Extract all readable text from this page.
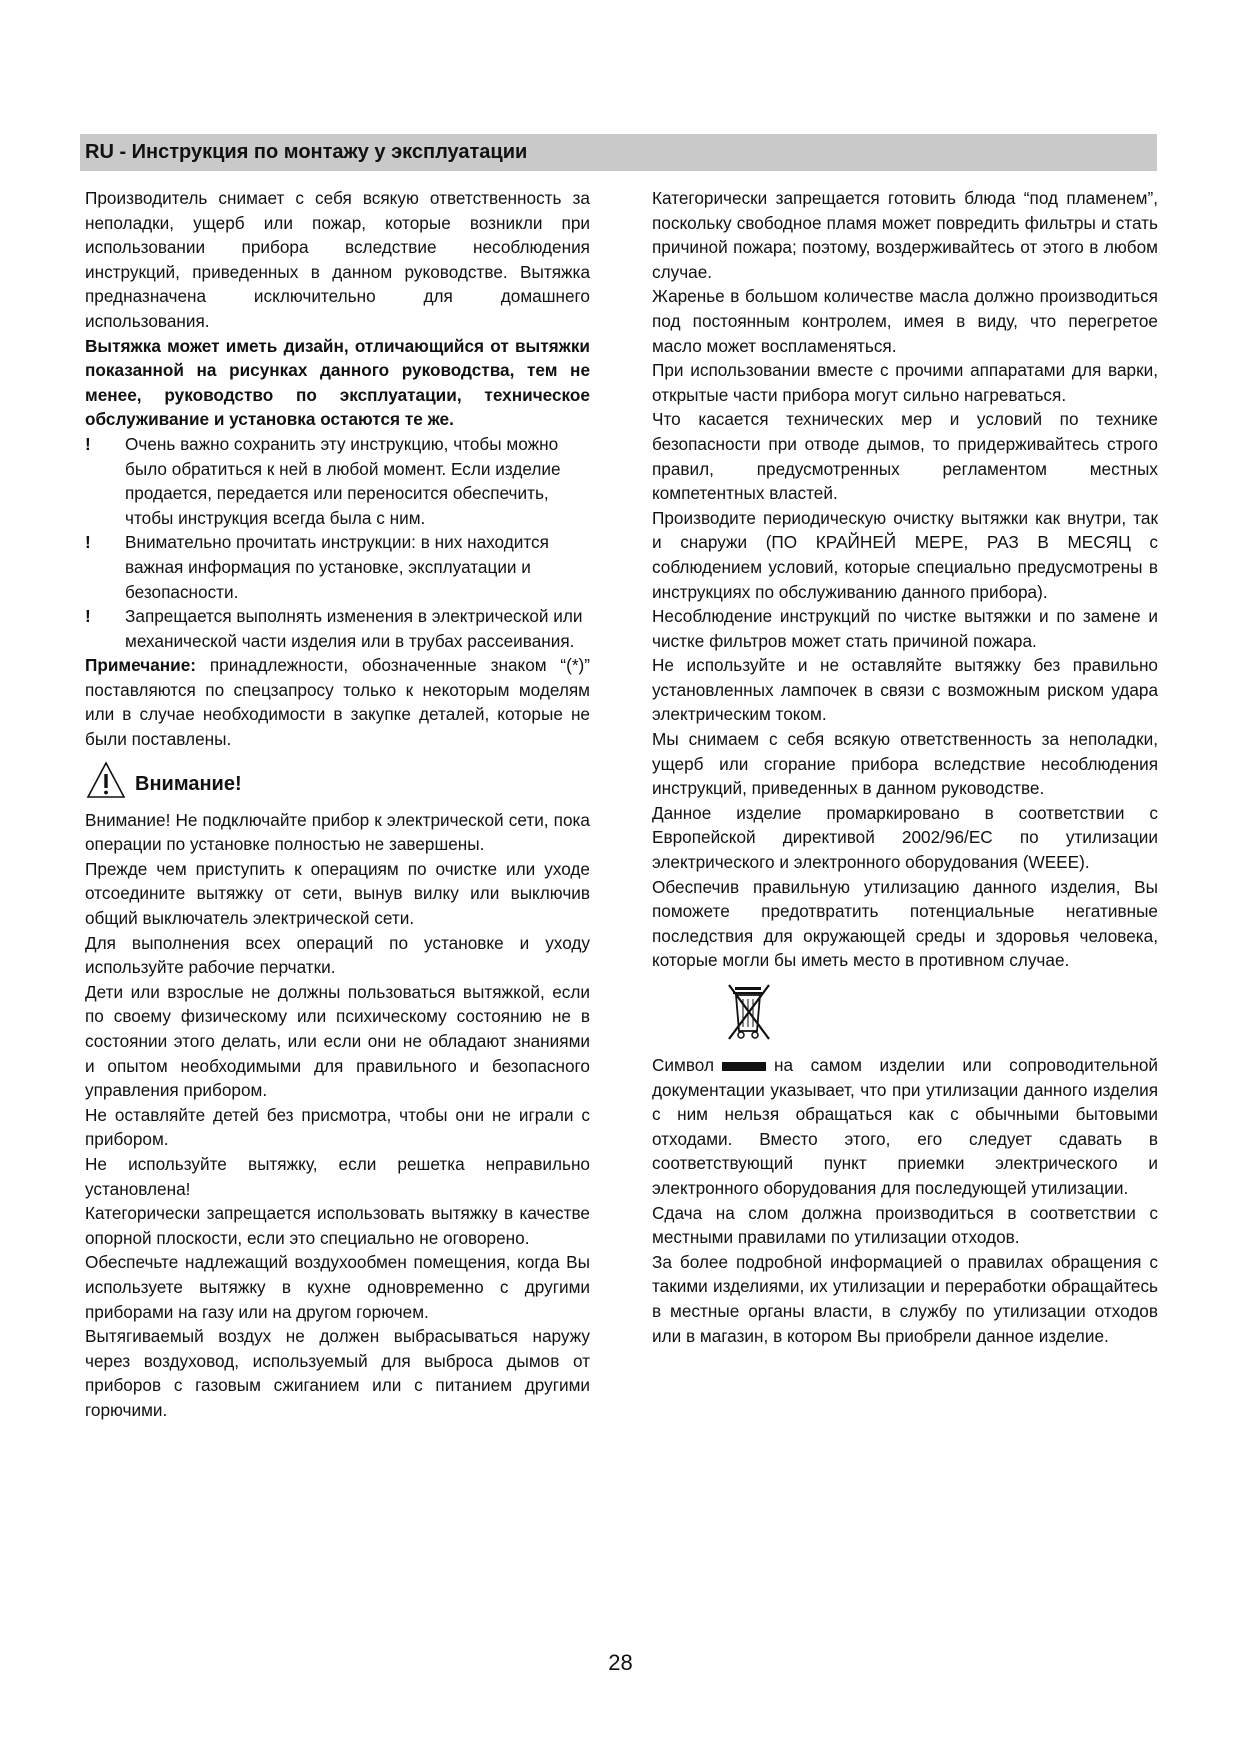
RU - Инструкция по монтажу у эксплуатации

Производитель снимает с себя всякую ответственность за неполадки, ущерб или пожар, которые возникли при использовании прибора вследствие несоблюдения инструкций, приведенных в данном руководстве. Вытяжка предназначена исключительно для домашнего использования.

Вытяжка может иметь дизайн, отличающийся от вытяжки показанной на рисунках данного руководства, тем не менее, руководство по эксплуатации, техническое обслуживание и установка остаются те же.

! Очень важно сохранить эту инструкцию, чтобы можно было обратиться к ней в любой момент. Если изделие продается, передается или переносится обеспечить, чтобы инструкция всегда была с ним.
! Внимательно прочитать инструкции: в них находится важная информация по установке, эксплуатации и безопасности.
! Запрещается выполнять изменения в электрической или механической части изделия или в трубах рассеивания.

Примечание: принадлежности, обозначенные знаком “(*)” поставляются по спецзапросу только к некоторым моделям или в случае необходимости в закупке деталей, которые не были поставлены.

Внимание!

Внимание! Не подключайте прибор к электрической сети, пока операции по установке полностью не завершены.

Прежде чем приступить к операциям по очистке или уходе отсоедините вытяжку от сети, вынув вилку или выключив общий выключатель электрической сети.

Для выполнения всех операций по установке и уходу используйте рабочие перчатки.

Дети или взрослые не должны пользоваться вытяжкой, если по своему физическому или психическому состоянию не в состоянии этого делать, или если они не обладают знаниями и опытом необходимыми для правильного и безопасного управления прибором.

Не оставляйте детей без присмотра, чтобы они не играли с прибором.

Не используйте вытяжку, если решетка неправильно установлена!

Категорически запрещается использовать вытяжку в качестве опорной плоскости, если это специально не оговорено.

Обеспечьте надлежащий воздухообмен помещения, когда Вы используете вытяжку в кухне одновременно с другими приборами на газу или на другом горючем.

Вытягиваемый воздух не должен выбрасываться наружу через воздуховод, используемый для выброса дымов от приборов с газовым сжиганием или с питанием другими горючими.

Категорически запрещается готовить блюда “под пламенем”, поскольку свободное пламя может повредить фильтры и стать причиной пожара; поэтому, воздерживайтесь от этого в любом случае.

Жаренье в большом количестве масла должно производиться под постоянным контролем, имея в виду, что перегретое масло может воспламеняться.

При использовании вместе с прочими аппаратами для варки, открытые части прибора могут сильно нагреваться.

Что касается технических мер и условий по технике безопасности при отводе дымов, то придерживайтесь строго правил, предусмотренных регламентом местных компетентных властей.

Производите периодическую очистку вытяжки как внутри, так и снаружи (ПО КРАЙНЕЙ МЕРЕ, РАЗ В МЕСЯЦ с соблюдением условий, которые специально предусмотрены в инструкциях по обслуживанию данного прибора).

Несоблюдение инструкций по чистке вытяжки и по замене и чистке фильтров может стать причиной пожара.

Не используйте и не оставляйте вытяжку без правильно установленных лампочек в связи с возможным риском удара электрическим током.

Мы снимаем с себя всякую ответственность за неполадки, ущерб или сгорание прибора вследствие несоблюдения инструкций, приведенных в данном руководстве.

Данное изделие промаркировано в соответствии с Европейской директивой 2002/96/EC по утилизации электрического и электронного оборудования (WEEE).

Обеспечив правильную утилизацию данного изделия, Вы поможете предотвратить потенциальные негативные последствия для окружающей среды и здоровья человека, которые могли бы иметь место в противном случае.

Символ	на самом изделии или сопроводительной документации указывает, что при утилизации данного изделия с ним нельзя обращаться как с обычными бытовыми отходами. Вместо этого, его следует сдавать в соответствующий пункт приемки электрического и электронного оборудования для последующей утилизации.

Сдача на слом должна производиться в соответствии с местными правилами по утилизации отходов.

За более подробной информацией о правилах обращения с такими изделиями, их утилизации и переработки обращайтесь в местные органы власти, в службу по утилизации отходов или в магазин, в котором Вы приобрели данное изделие.

28
